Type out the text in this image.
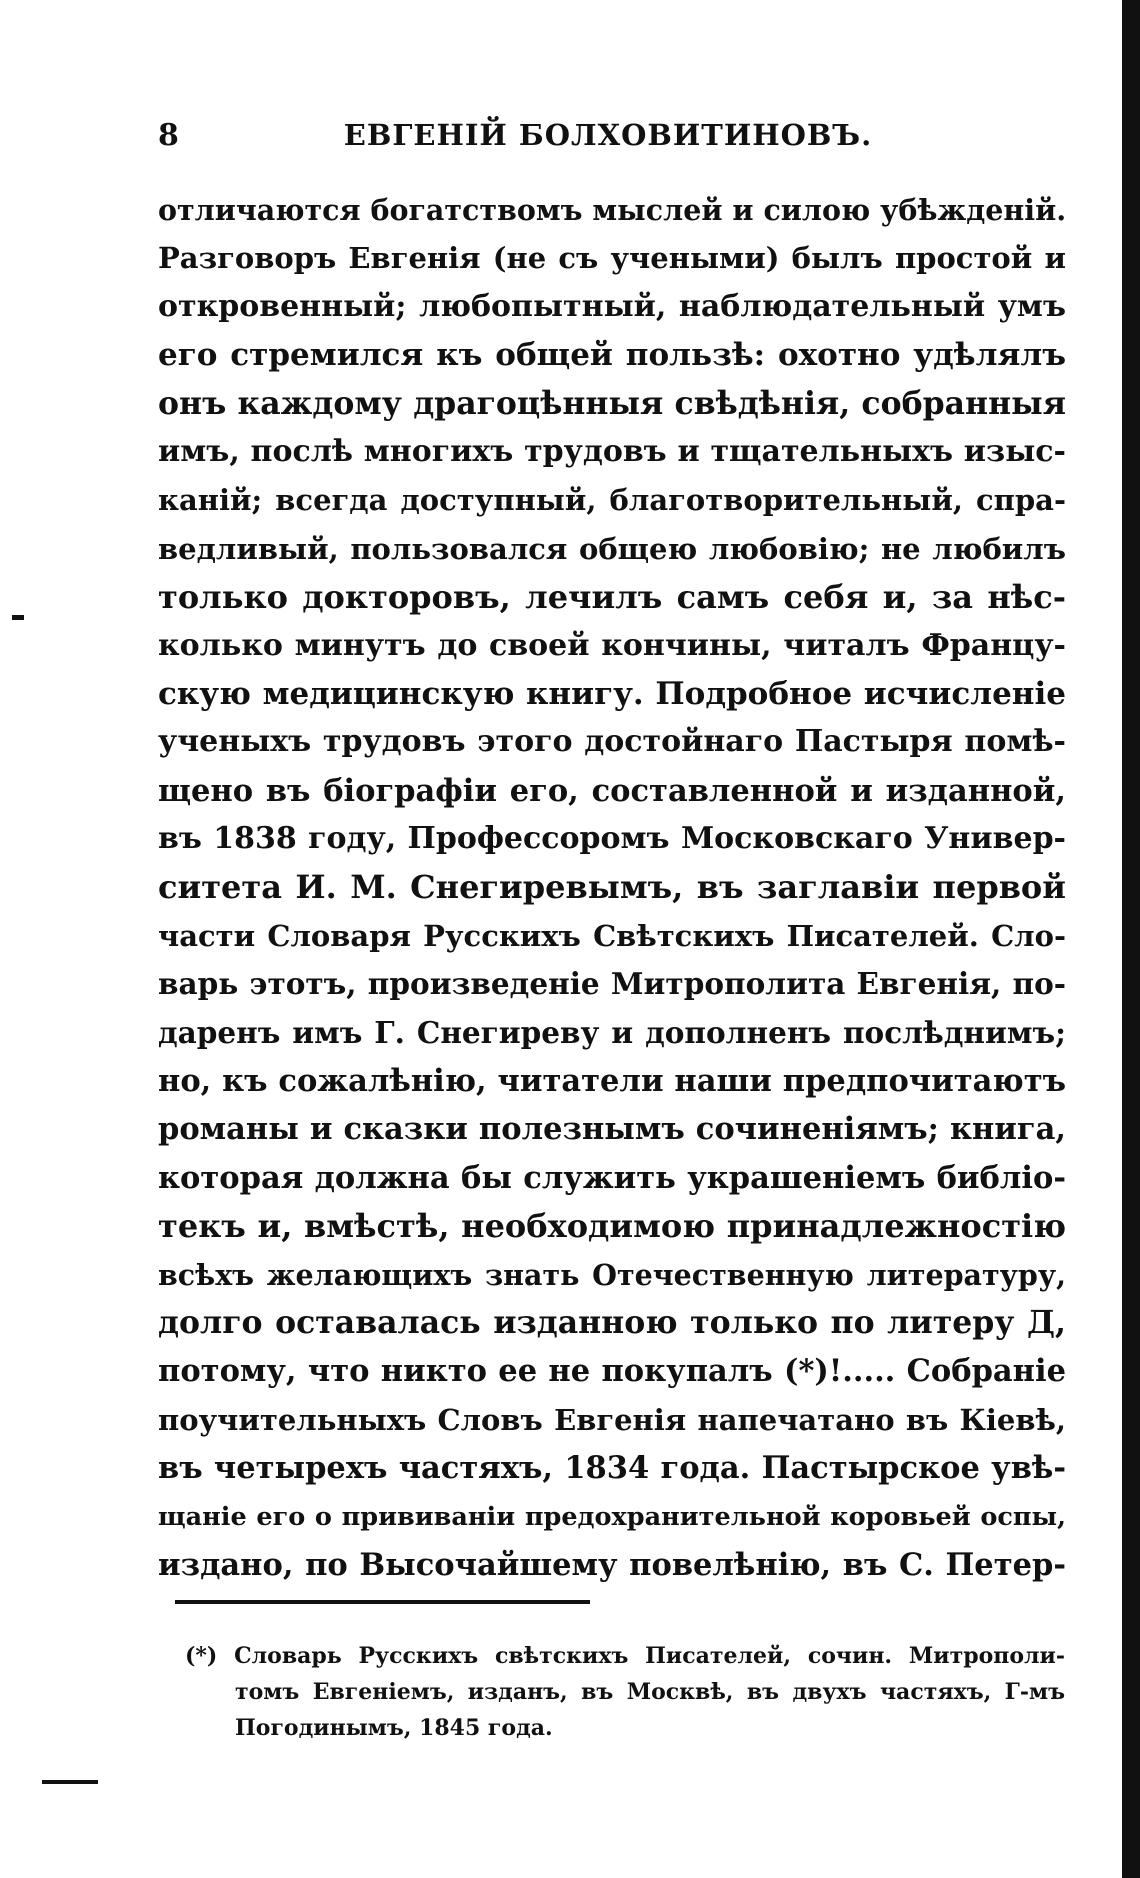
8	ЕВГЕНІЙ БОЛХОВИТИНОВЪ.
отличаются богатствомъ мыслей и силою убѣжденій.
Разговоръ Евгенія (не съ учеными) былъ простой и
откровенный; любопытный, наблюдательный умъ
его стремился къ общей пользѣ: охотно удѣлялъ
онъ каждому драгоцѣнныя свѣдѣнія, собранныя
имъ, послѣ многихъ трудовъ и тщательныхъ изыс-
каній; всегда доступный, благотворительный, спра-
ведливый, пользовался общею любовію; не любилъ
только докторовъ, лечилъ самъ себя и, за нѣс-
колько минутъ до своей кончины, читалъ Францу-
скую медицинскую книгу. Подробное исчисленіе
ученыхъ трудовъ этого достойнаго Пастыря помѣ-
щено въ біографіи его, составленной и изданной,
въ 1838 году, Профессоромъ Московскаго Универ-
ситета И. М. Снегиревымъ, въ заглавіи первой
части Словаря Русскихъ Свѣтскихъ Писателей. Сло-
варь этотъ, произведеніе Митрополита Евгенія, по-
даренъ имъ Г. Снегиреву и дополненъ послѣднимъ;
но, къ сожалѣнію, читатели наши предпочитаютъ
романы и сказки полезнымъ сочиненіямъ; книга,
которая должна бы служить украшеніемъ библіо-
текъ и, вмѣстѣ, необходимою принадлежностію
всѣхъ желающихъ знать Отечественную литературу,
долго оставалась изданною только по литеру Д,
потому, что никто ее не покупалъ (*)!..... Собраніе
поучительныхъ Словъ Евгенія напечатано въ Кіевѣ,
въ четырехъ частяхъ, 1834 года. Пастырское увѣ-
щаніе его о прививаніи предохранительной коровьей оспы,
издано, по Высочайшему повелѣнію, въ С. Петер-
(*) Словарь Русскихъ свѣтскихъ Писателей, сочин. Митрополи-
томъ Евгеніемъ, изданъ, въ Москвѣ, въ двухъ частяхъ, Г-мъ
Погодинымъ, 1845 года.
